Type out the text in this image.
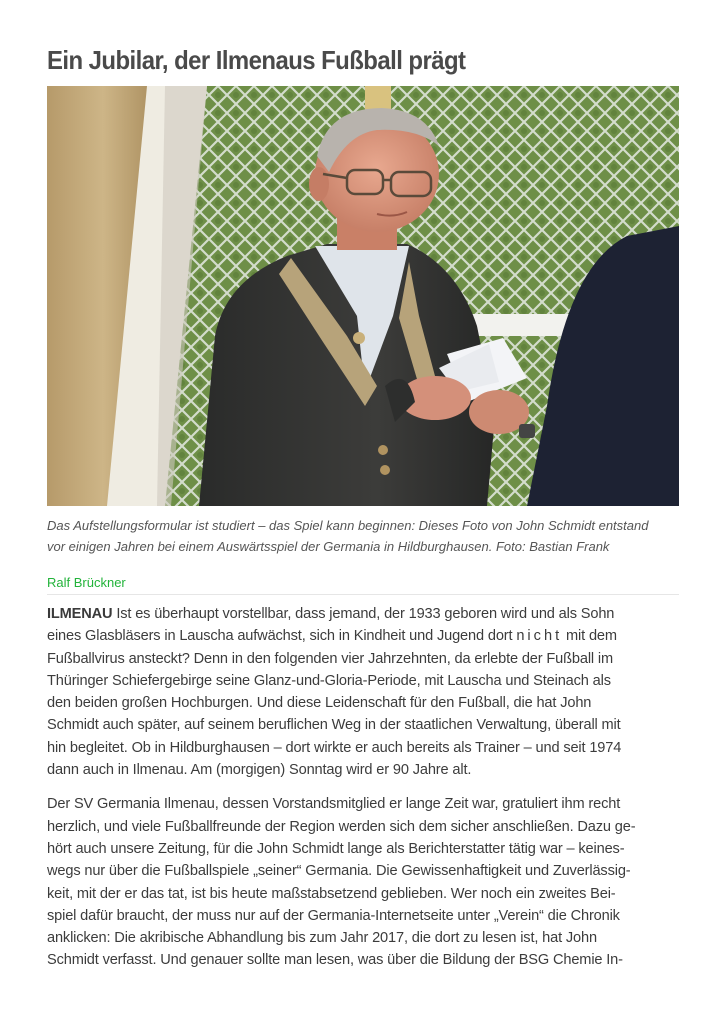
Ein Jubilar, der Ilmenaus Fußball prägt

Das Aufstellungsformular ist studiert – das Spiel kann beginnen: Dieses Foto von John Schmidt entstand
vor einigen Jahren bei einem Auswärtsspiel der Germania in Hildburghausen. Foto: Bastian Frank

Ralf Brückner
ILMENAU Ist es überhaupt vorstellbar, dass jemand, der 1933 geboren wird und als Sohn
eines Glasbläsers in Lauscha aufwächst, sich in Kindheit und Jugend dort nicht mit dem
Fußballvirus ansteckt? Denn in den folgenden vier Jahrzehnten, da erlebte der Fußball im
Thüringer Schiefergebirge seine Glanz-und-Gloria-Periode, mit Lauscha und Steinach als
den beiden großen Hochburgen. Und diese Leidenschaft für den Fußball, die hat John
Schmidt auch später, auf seinem beruflichen Weg in der staatlichen Verwaltung, überall mit
hin begleitet. Ob in Hildburghausen – dort wirkte er auch bereits als Trainer – und seit 1974
dann auch in Ilmenau. Am (morgigen) Sonntag wird er 90 Jahre alt.
Der SV Germania Ilmenau, dessen Vorstandsmitglied er lange Zeit war, gratuliert ihm recht
herzlich, und viele Fußballfreunde der Region werden sich dem sicher anschließen. Dazu ge-
hört auch unsere Zeitung, für die John Schmidt lange als Berichterstatter tätig war – keines-
wegs nur über die Fußballspiele „seiner“ Germania. Die Gewissenhaftigkeit und Zuverlässig-
keit, mit der er das tat, ist bis heute maßstabsetzend geblieben. Wer noch ein zweites Bei-
spiel dafür braucht, der muss nur auf der Germania-Internetseite unter „Verein“ die Chronik
anklicken: Die akribische Abhandlung bis zum Jahr 2017, die dort zu lesen ist, hat John
Schmidt verfasst. Und genauer sollte man lesen, was über die Bildung der BSG Chemie In-
